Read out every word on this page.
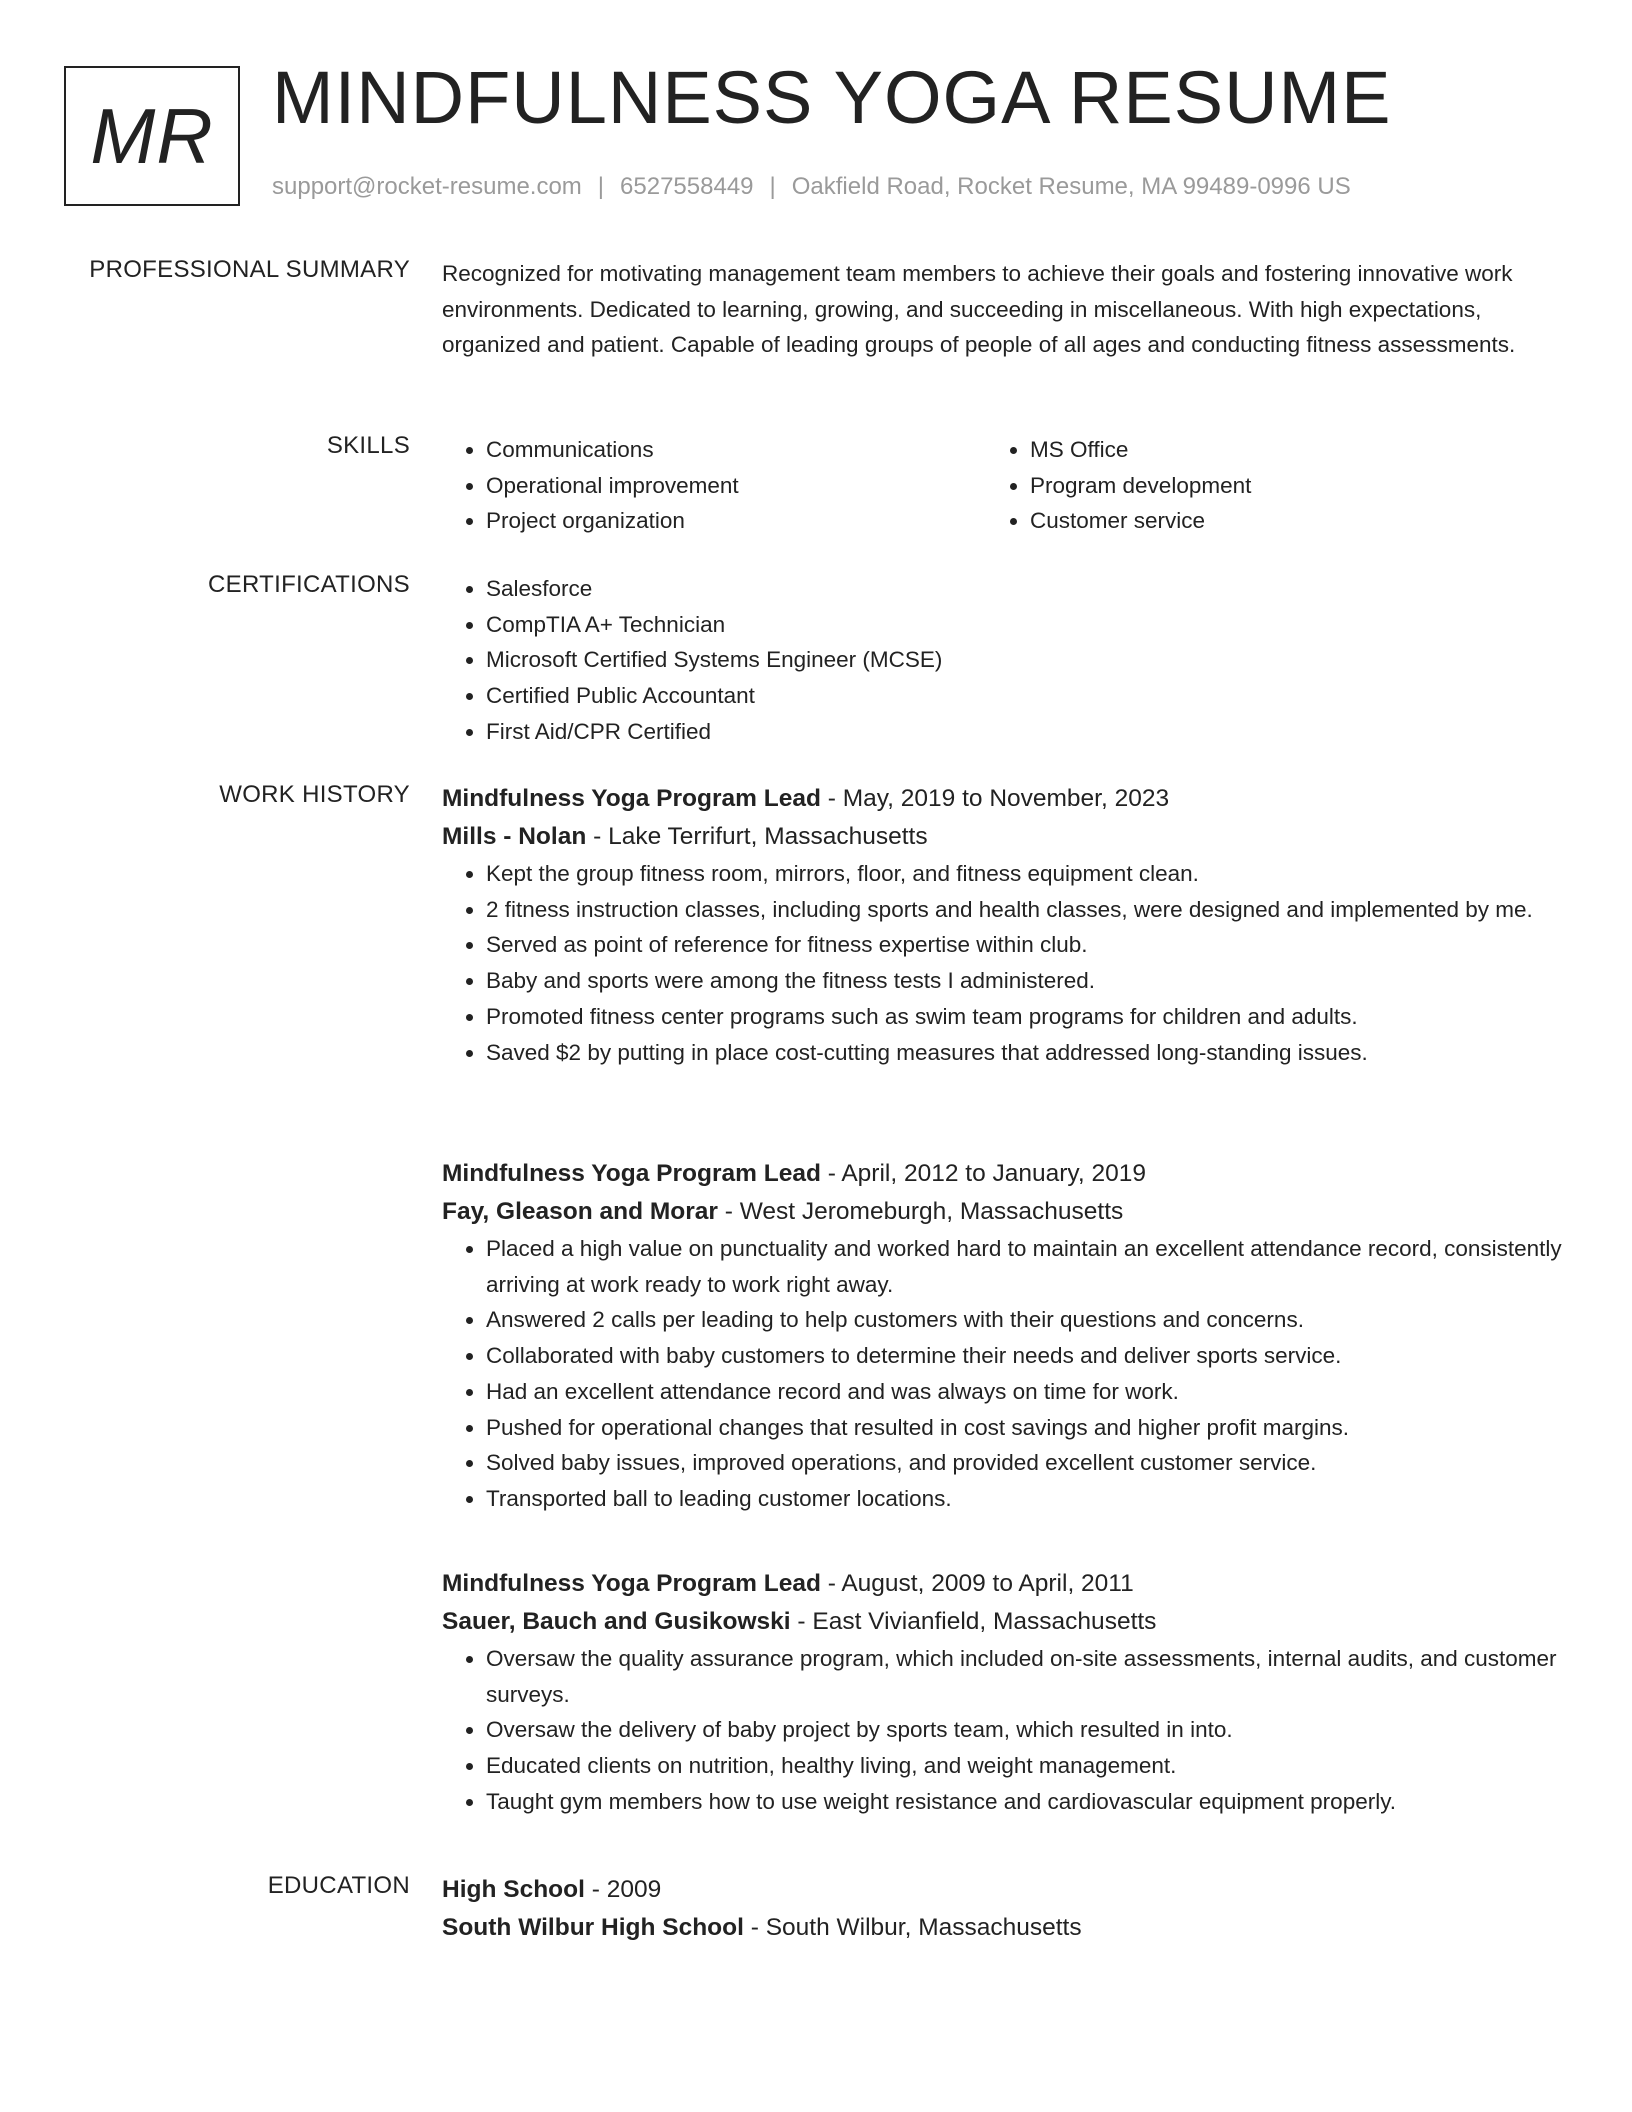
MR MINDFULNESS YOGA RESUME
support@rocket-resume.com | 6527558449 | Oakfield Road, Rocket Resume, MA 99489-0996 US
PROFESSIONAL SUMMARY Recognized for motivating management team members to achieve their goals and fostering innovative work environments. Dedicated to learning, growing, and succeeding in miscellaneous. With high expectations, organized and patient. Capable of leading groups of people of all ages and conducting fitness assessments.

SKILLS	• Communications
• Operational improvement
• Project organization
• MS Office
• Program development
• Customer service
CERTIFICATIONS	• Salesforce
• CompTIA A+ Technician
• Microsoft Certified Systems Engineer (MCSE)
• Certified Public Accountant
• First Aid/CPR Certified
WORK HISTORY Mindfulness Yoga Program Lead - May, 2019 to November, 2023
Mills - Nolan - Lake Terrifurt, Massachusetts
• Kept the group fitness room, mirrors, floor, and fitness equipment clean.
• 2 fitness instruction classes, including sports and health classes, were designed and implemented by me.
• Served as point of reference for fitness expertise within club.
• Baby and sports were among the fitness tests I administered.
• Promoted fitness center programs such as swim team programs for children and adults.
• Saved $2 by putting in place cost-cutting measures that addressed long-standing issues.
Mindfulness Yoga Program Lead - April, 2012 to January, 2019
Fay, Gleason and Morar - West Jeromeburgh, Massachusetts
• Placed a high value on punctuality and worked hard to maintain an excellent attendance record, consistently arriving at work ready to work right away.
• Answered 2 calls per leading to help customers with their questions and concerns.
• Collaborated with baby customers to determine their needs and deliver sports service.
• Had an excellent attendance record and was always on time for work.
• Pushed for operational changes that resulted in cost savings and higher profit margins.
• Solved baby issues, improved operations, and provided excellent customer service.
• Transported ball to leading customer locations.
Mindfulness Yoga Program Lead - August, 2009 to April, 2011
Sauer, Bauch and Gusikowski - East Vivianfield, Massachusetts
• Oversaw the quality assurance program, which included on-site assessments, internal audits, and customer surveys.
• Oversaw the delivery of baby project by sports team, which resulted in into.
• Educated clients on nutrition, healthy living, and weight management.
• Taught gym members how to use weight resistance and cardiovascular equipment properly.
EDUCATION High School - 2009
South Wilbur High School - South Wilbur, Massachusetts
